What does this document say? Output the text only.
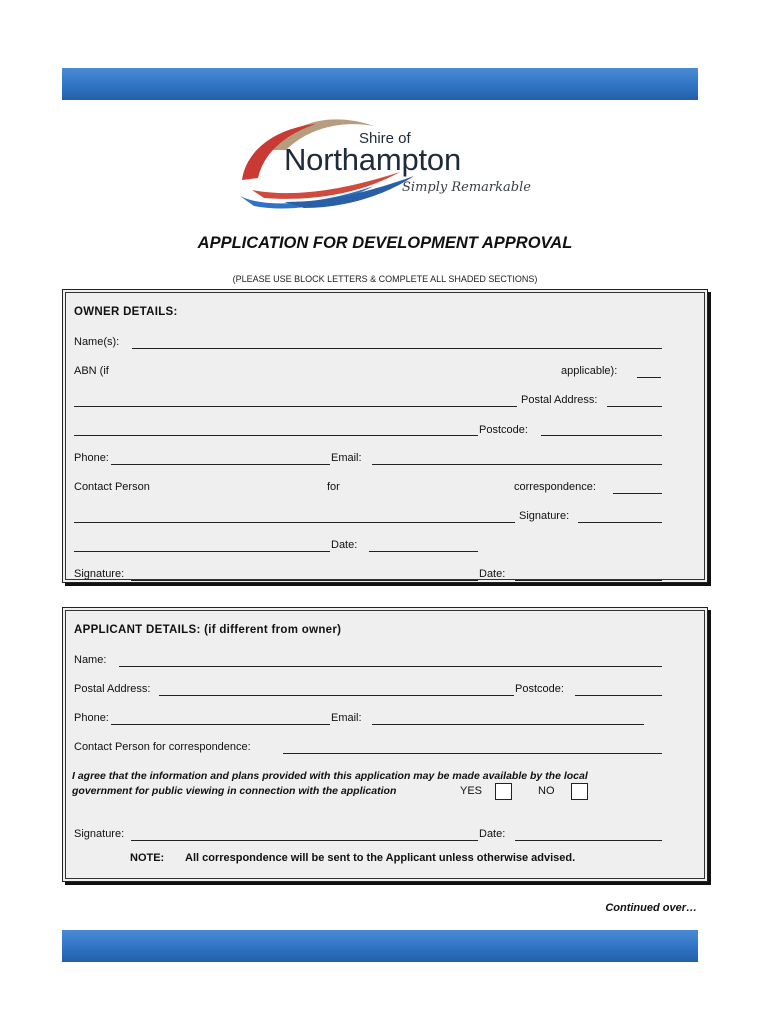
Shire of
Northampton
Simply Remarkable
APPLICATION FOR DEVELOPMENT APPROVAL
(PLEASE USE BLOCK LETTERS & COMPLETE ALL SHADED SECTIONS)
OWNER DETAILS:
Name(s):
ABN (if	applicable):
Postal Address:
Postcode:
Phone:	Email:
Contact Person	for	correspondence:
Signature:
Date:
Signature:	Date:
APPLICANT DETAILS: (if different from owner)
Name:
Postal Address:	Postcode:
Phone:	Email:
Contact Person for correspondence:
I agree that the information and plans provided with this application may be made available by the local
government for public viewing in connection with the application	YES	NO
Signature:	Date:
NOTE: All correspondence will be sent to the Applicant unless otherwise advised.
Continued over…
